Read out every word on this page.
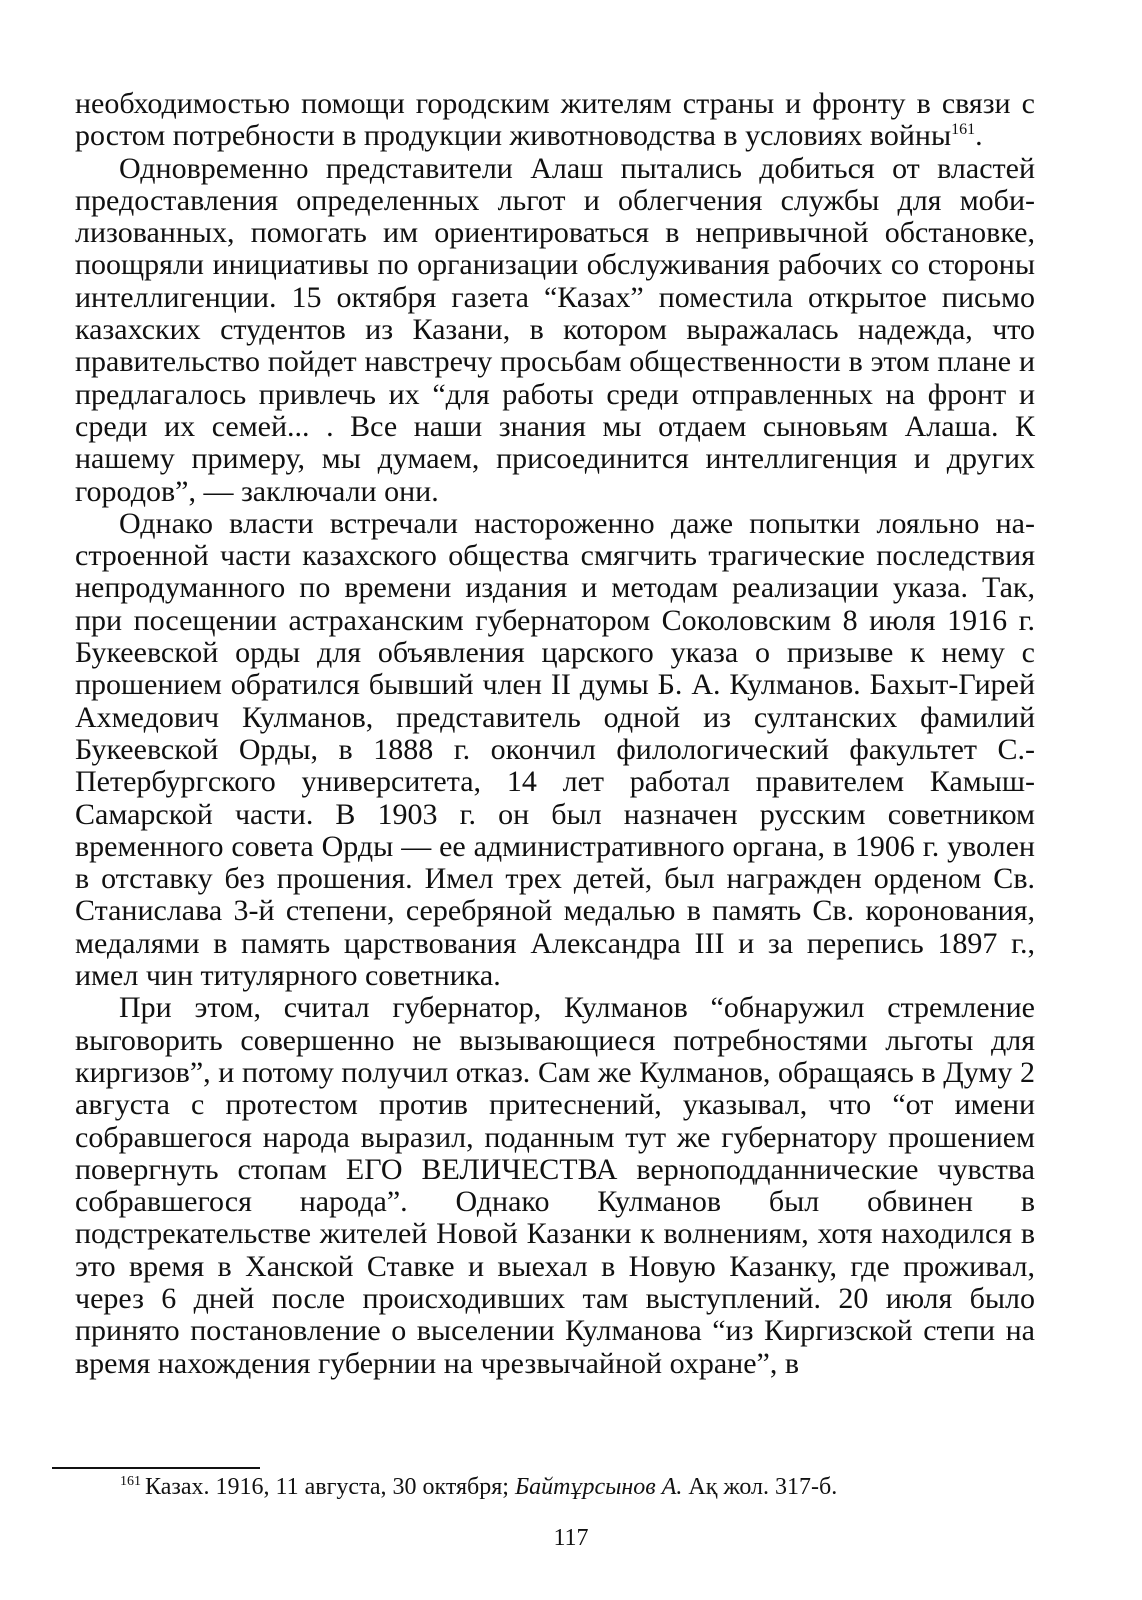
необходимостью помощи городским жителям страны и фронту в связи с ростом потребности в продукции животноводства в условиях войны$^{161}$.

Одновременно представители Алаш пытались добиться от властей предоставления определенных льгот и облегчения службы для мобилизованных, помогать им ориентироваться в непривычной обстановке, поощряли инициативы по организации обслуживания рабочих со стороны интеллигенции. 15 октября газета “Казах” поместила открытое письмо казахских студентов из Казани, в котором выражалась надежда, что правительство пойдет навстречу просьбам общественности в этом плане и предлагалось привлечь их “для работы среди отправленных на фронт и среди их семей... . Все наши знания мы отдаем сыновьям Алаша. К нашему примеру, мы думаем, присоединится интеллигенция и других городов”, — заключали они.

Однако власти встречали настороженно даже попытки лояльно настроенной части казахского общества смягчить трагические последствия непродуманного по времени издания и методам реализации указа. Так, при посещении астраханским губернатором Соколовским 8 июля 1916 г. Букеевской орды для объявления царского указа о призыве к нему с прошением обратился бывший член II думы Б. А. Кулманов. Бахыт-Гирей Ахмедович Кулманов, представитель одной из султанских фамилий Букеевской Орды, в 1888 г. окончил филологический факультет С.-Петербургского университета, 14 лет работал правителем Камыш-Самарской части. В 1903 г. он был назначен русским советником временного совета Орды — ее административного органа, в 1906 г. уволен в отставку без прошения. Имел трех детей, был награжден орденом Св. Станислава 3-й степени, серебряной медалью в память Св. коронования, медалями в память царствования Александра III и за перепись 1897 г., имел чин титулярного советника.

При этом, считал губернатор, Кулманов “обнаружил стремление выговорить совершенно не вызывающиеся потребностями льготы для киргизов”, и потому получил отказ. Сам же Кулманов, обращаясь в Думу 2 августа с протестом против притеснений, указывал, что “от имени собравшегося народа выразил, поданным тут же губернатору прошением повергнуть стопам ЕГО ВЕЛИЧЕСТВА верноподданнические чувства собравшегося народа”. Однако Кулманов был обвинен в подстрекательстве жителей Новой Казанки к волнениям, хотя находился в это время в Ханской Ставке и выехал в Новую Казанку, где проживал, через 6 дней после происходивших там выступлений. 20 июля было принято постановление о выселении Кулманова “из Киргизской степи на время нахождения губернии на чрезвычайной охране”, в

$^{161}$ Казах. 1916, 11 августа, 30 октября; Байтұрсынов А. Ақ жол. 317-б.
117
